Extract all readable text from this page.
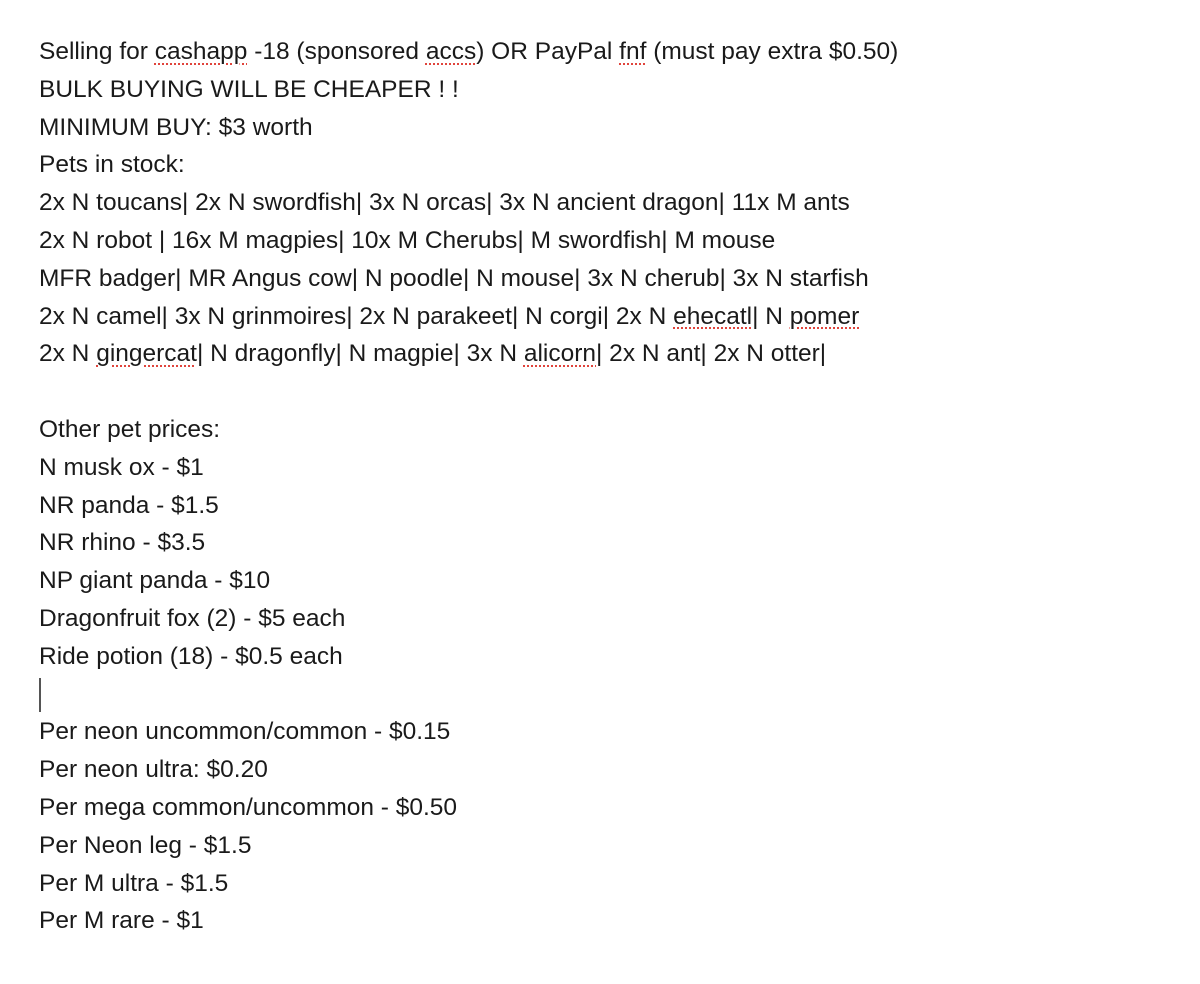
Selling for cashapp -18 (sponsored accs) OR PayPal fnf (must pay extra $0.50)
BULK BUYING WILL BE CHEAPER ! !
MINIMUM BUY: $3 worth
Pets in stock:
2x N toucans| 2x N swordfish| 3x N orcas| 3x N ancient dragon| 11x M ants
2x N robot | 16x M magpies| 10x M Cherubs| M swordfish| M mouse
MFR badger| MR Angus cow| N poodle| N mouse| 3x N cherub| 3x N starfish
2x N camel| 3x N grinmoires| 2x N parakeet| N corgi| 2x N ehecatl| N pomer
2x N gingercat| N dragonfly| N magpie| 3x N alicorn| 2x N ant| 2x N otter|
Other pet prices:
N musk ox - $1
NR panda - $1.5
NR rhino - $3.5
NP giant panda - $10
Dragonfruit fox (2) - $5 each
Ride potion (18) - $0.5 each
Per neon uncommon/common - $0.15
Per neon ultra: $0.20
Per mega common/uncommon - $0.50
Per Neon leg - $1.5
Per M ultra - $1.5
Per M rare - $1
